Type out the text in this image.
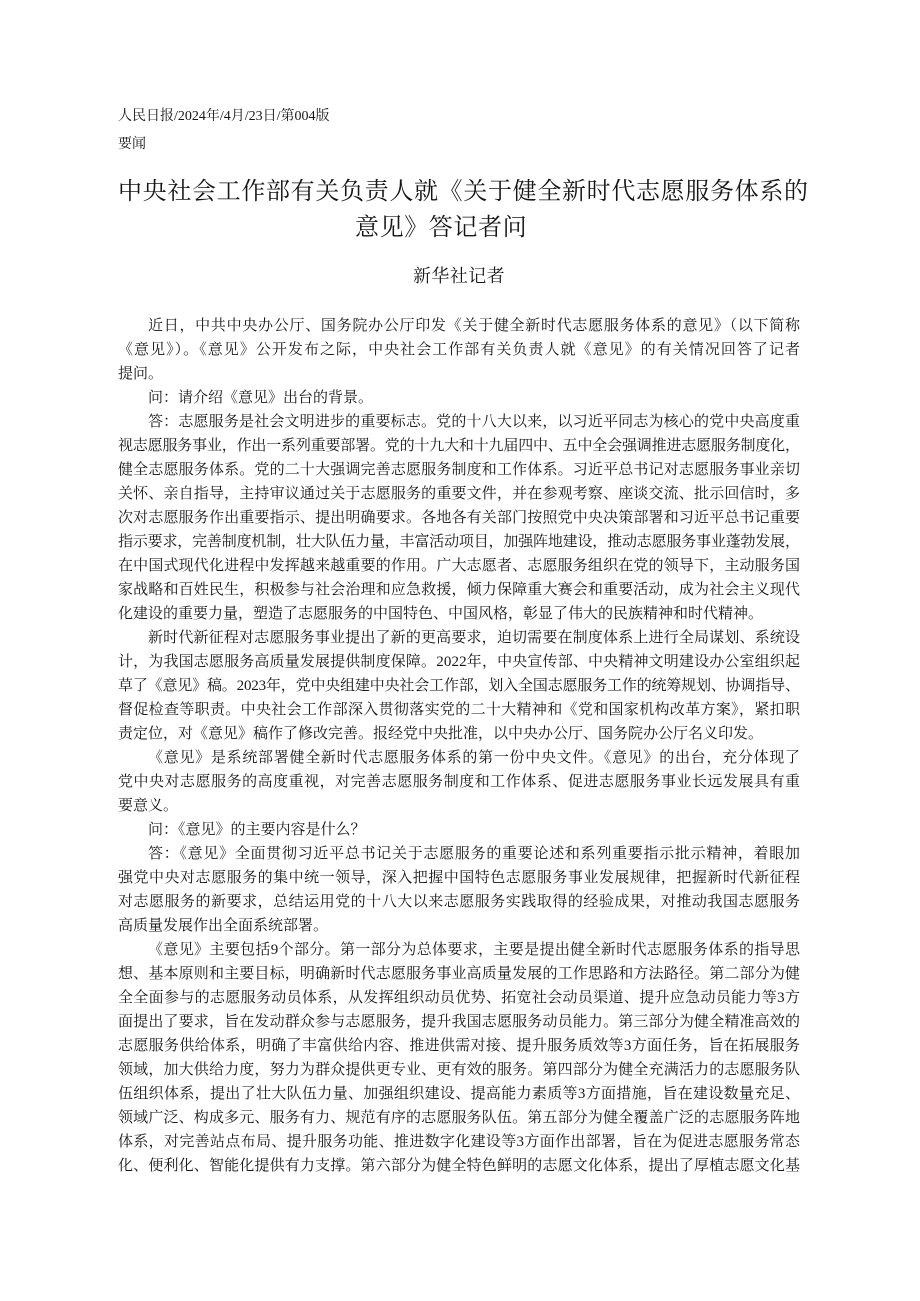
人民日报/2024年/4月/23日/第004版
要闻
中央社会工作部有关负责人就《关于健全新时代志愿服务体系的
意见》答记者问
新华社记者
近日，中共中央办公厅、国务院办公厅印发《关于健全新时代志愿服务体系的意见》（以下简称
《意见》）。《意见》公开发布之际，中央社会工作部有关负责人就《意见》的有关情况回答了记者
提问。
问：请介绍《意见》出台的背景。
答：志愿服务是社会文明进步的重要标志。党的十八大以来，以习近平同志为核心的党中央高度重
视志愿服务事业，作出一系列重要部署。党的十九大和十九届四中、五中全会强调推进志愿服务制度化，
健全志愿服务体系。党的二十大强调完善志愿服务制度和工作体系。习近平总书记对志愿服务事业亲切
关怀、亲自指导，主持审议通过关于志愿服务的重要文件，并在参观考察、座谈交流、批示回信时，多
次对志愿服务作出重要指示、提出明确要求。各地各有关部门按照党中央决策部署和习近平总书记重要
指示要求，完善制度机制，壮大队伍力量，丰富活动项目，加强阵地建设，推动志愿服务事业蓬勃发展，
在中国式现代化进程中发挥越来越重要的作用。广大志愿者、志愿服务组织在党的领导下，主动服务国
家战略和百姓民生，积极参与社会治理和应急救援，倾力保障重大赛会和重要活动，成为社会主义现代
化建设的重要力量，塑造了志愿服务的中国特色、中国风格，彰显了伟大的民族精神和时代精神。
新时代新征程对志愿服务事业提出了新的更高要求，迫切需要在制度体系上进行全局谋划、系统设
计，为我国志愿服务高质量发展提供制度保障。2022年，中央宣传部、中央精神文明建设办公室组织起
草了《意见》稿。2023年，党中央组建中央社会工作部，划入全国志愿服务工作的统筹规划、协调指导、
督促检查等职责。中央社会工作部深入贯彻落实党的二十大精神和《党和国家机构改革方案》，紧扣职
责定位，对《意见》稿作了修改完善。报经党中央批准，以中央办公厅、国务院办公厅名义印发。
《意见》是系统部署健全新时代志愿服务体系的第一份中央文件。《意见》的出台，充分体现了
党中央对志愿服务的高度重视，对完善志愿服务制度和工作体系、促进志愿服务事业长远发展具有重
要意义。
问：《意见》的主要内容是什么？
答：《意见》全面贯彻习近平总书记关于志愿服务的重要论述和系列重要指示批示精神，着眼加
强党中央对志愿服务的集中统一领导，深入把握中国特色志愿服务事业发展规律，把握新时代新征程
对志愿服务的新要求，总结运用党的十八大以来志愿服务实践取得的经验成果，对推动我国志愿服务
高质量发展作出全面系统部署。
《意见》主要包括9个部分。第一部分为总体要求，主要是提出健全新时代志愿服务体系的指导思
想、基本原则和主要目标，明确新时代志愿服务事业高质量发展的工作思路和方法路径。第二部分为健
全全面参与的志愿服务动员体系，从发挥组织动员优势、拓宽社会动员渠道、提升应急动员能力等3方
面提出了要求，旨在发动群众参与志愿服务，提升我国志愿服务动员能力。第三部分为健全精准高效的
志愿服务供给体系，明确了丰富供给内容、推进供需对接、提升服务质效等3方面任务，旨在拓展服务
领域，加大供给力度，努力为群众提供更专业、更有效的服务。第四部分为健全充满活力的志愿服务队
伍组织体系，提出了壮大队伍力量、加强组织建设、提高能力素质等3方面措施，旨在建设数量充足、
领域广泛、构成多元、服务有力、规范有序的志愿服务队伍。第五部分为健全覆盖广泛的志愿服务阵地
体系，对完善站点布局、提升服务功能、推进数字化建设等3方面作出部署，旨在为促进志愿服务常态
化、便利化、智能化提供有力支撑。第六部分为健全特色鲜明的志愿文化体系，提出了厚植志愿文化基
